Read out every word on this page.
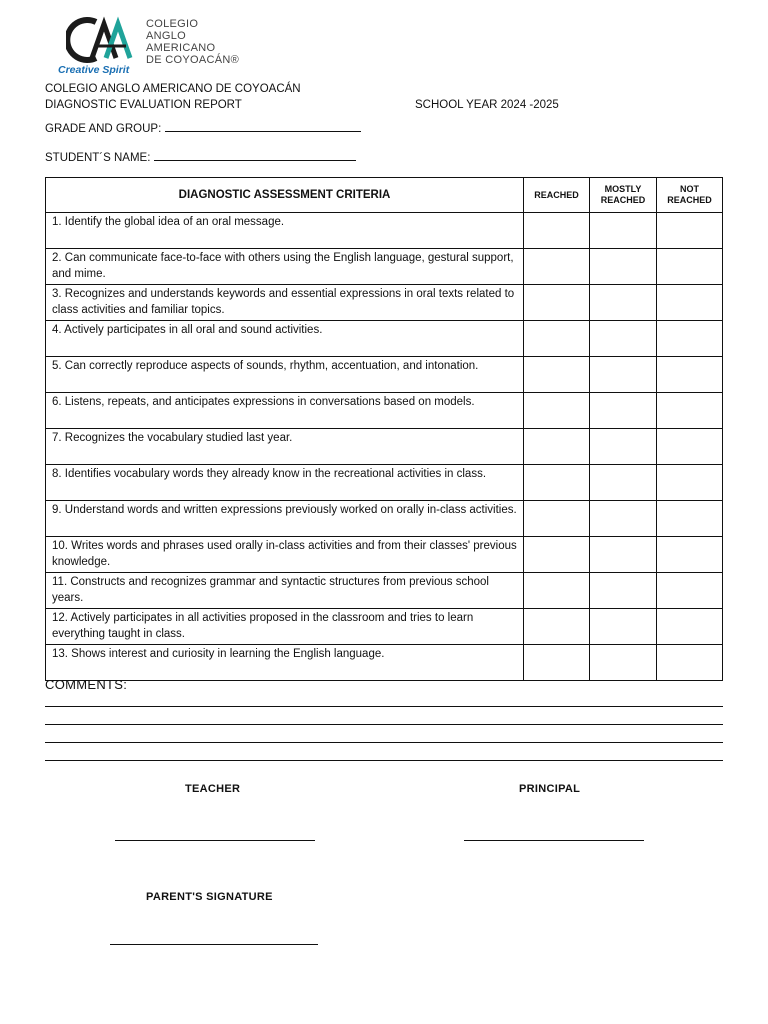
Creative Spirit
COLEGIO
ANGLO
AMERICANO
DE COYOACÁN®
COLEGIO ANGLO AMERICANO DE COYOACÁN
DIAGNOSTIC EVALUATION REPORT	SCHOOL YEAR 2024 -2025
GRADE AND GROUP:
STUDENT´S NAME:
DIAGNOSTIC ASSESSMENT CRITERIA	REACHED	MOSTLY REACHED	NOT REACHED
1. Identify the global idea of an oral message.			
2. Can communicate face-to-face with others using the English language, gestural support, and mime.			
3. Recognizes and understands keywords and essential expressions in oral texts related to class activities and familiar topics.			
4. Actively participates in all oral and sound activities.			
5. Can correctly reproduce aspects of sounds, rhythm, accentuation, and intonation.			
6. Listens, repeats, and anticipates expressions in conversations based on models.			
7. Recognizes the vocabulary studied last year.			
8. Identifies vocabulary words they already know in the recreational activities in class.			
9. Understand words and written expressions previously worked on orally in-class activities.			
10. Writes words and phrases used orally in-class activities and from their classes' previous knowledge.			
11. Constructs and recognizes grammar and syntactic structures from previous school years.			
12. Actively participates in all activities proposed in the classroom and tries to learn everything taught in class.			
13. Shows interest and curiosity in learning the English language.			
COMMENTS:
TEACHER	PRINCIPAL
PARENT'S SIGNATURE
